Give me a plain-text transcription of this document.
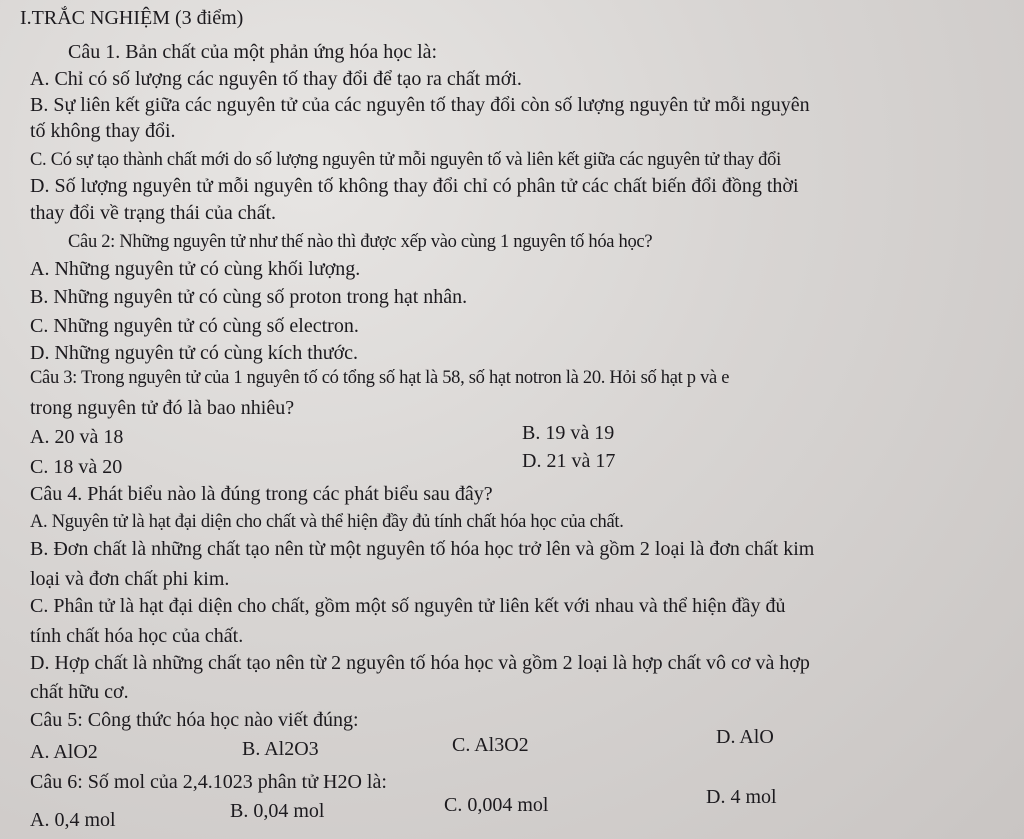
I.TRẮC NGHIỆM (3 điểm)
Câu 1. Bản chất của một phản ứng hóa học là:
A. Chỉ có số lượng các nguyên tố thay đổi để tạo ra chất mới.
B. Sự liên kết giữa các nguyên tử của các nguyên tố thay đổi còn số lượng nguyên tử mỗi nguyên
tố không thay đổi.
C. Có sự tạo thành chất mới do số lượng nguyên tử mỗi nguyên tố và liên kết giữa các nguyên tử thay đổi
D. Số lượng nguyên tử mỗi nguyên tố không thay đổi chỉ có phân tử các chất biến đổi đồng thời
thay đổi về trạng thái của chất.
Câu 2: Những nguyên tử như thế nào thì được xếp vào cùng 1 nguyên tố hóa học?
A. Những nguyên tử có cùng khối lượng.
B. Những nguyên tử có cùng số proton trong hạt nhân.
C. Những nguyên tử có cùng số electron.
D. Những nguyên tử có cùng kích thước.
Câu 3: Trong nguyên tử của 1 nguyên tố có tổng số hạt là 58, số hạt notron là 20. Hỏi số hạt p và e
trong nguyên tử đó là bao nhiêu?
A. 20 và 18	B. 19 và 19
C. 18 và 20	D. 21 và 17
Câu 4. Phát biểu nào là đúng trong các phát biểu sau đây?
A. Nguyên tử là hạt đại diện cho chất và thể hiện đầy đủ tính chất hóa học của chất.
B. Đơn chất là những chất tạo nên từ một nguyên tố hóa học trở lên và gồm 2 loại là đơn chất kim
loại và đơn chất phi kim.
C. Phân tử là hạt đại diện cho chất, gồm một số nguyên tử liên kết với nhau và thể hiện đầy đủ
tính chất hóa học của chất.
D. Hợp chất là những chất tạo nên từ 2 nguyên tố hóa học và gồm 2 loại là hợp chất vô cơ và hợp
chất hữu cơ.
Câu 5: Công thức hóa học nào viết đúng:
A. AlO2	B. Al2O3	C. Al3O2	D. AlO
Câu 6: Số mol của 2,4.1023 phân tử H2O là:
A. 0,4 mol	B. 0,04 mol	C. 0,004 mol	D. 4 mol
